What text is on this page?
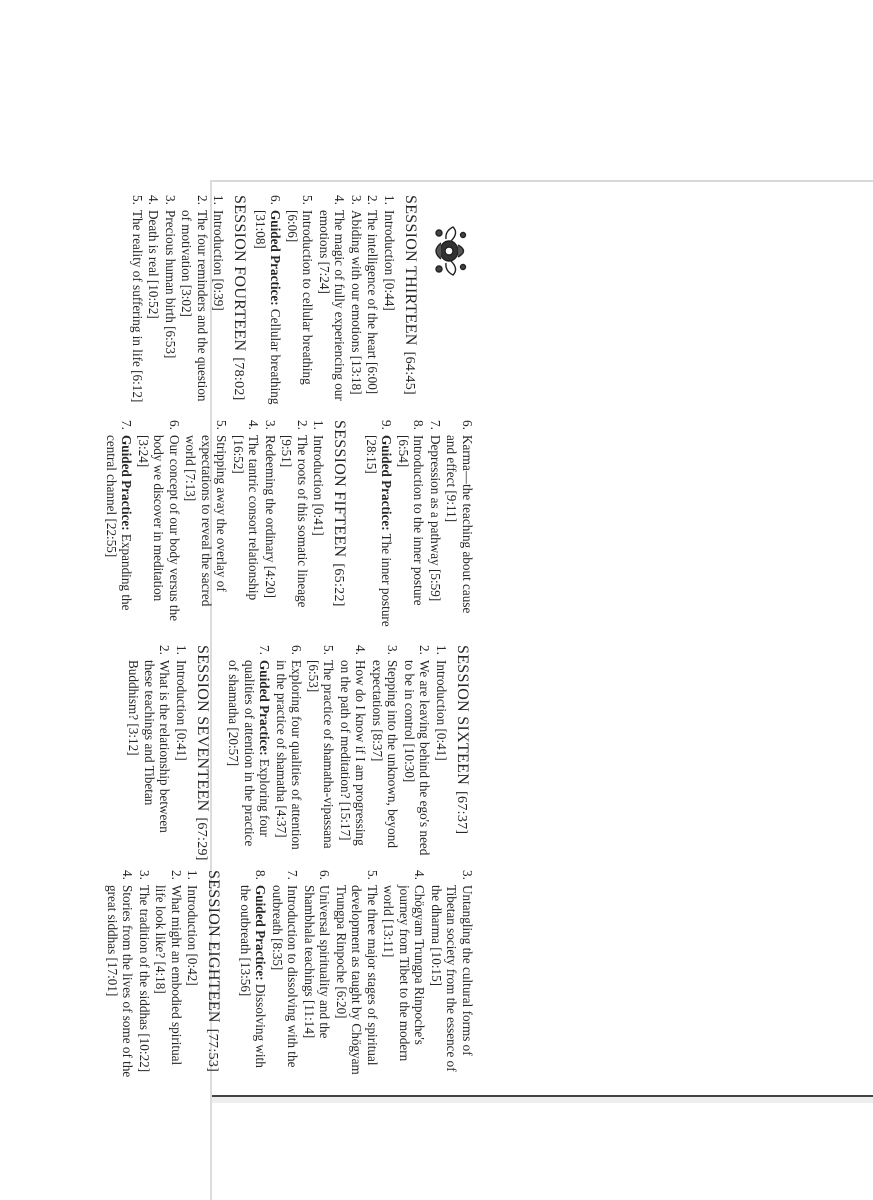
SESSION THIRTEEN[64:45]
1.
Introduction [0:44]
2.
The intelligence of the heart [6:00]
3.
Abiding with our emotions [13:18]
4.
The magic of fully experiencing our emotions [7:24]
5.
Introduction to cellular breathing [6:06]
6.
Guided Practice: Cellular breathing [31:08]
SESSION FOURTEEN[78:02]
1.
Introduction [0:39]
2.
The four reminders and the question of motivation [3:02]
3.
Precious human birth [6:53]
4.
Death is real [10:52]
5.
The reality of suffering in life [6:12]
6.
Karma—the teaching about cause and effect [9:11]
7.
Depression as a pathway [5:59]
8.
Introduction to the inner posture [6:54]
9.
Guided Practice: The inner posture [28:15]
SESSION FIFTEEN[65:22]
1.
Introduction [0:41]
2.
The roots of this somatic lineage [9:51]
3.
Redeeming the ordinary [4:20]
4.
The tantric consort relationship [16:52]
5.
Stripping away the overlay of expectations to reveal the sacred world [7:13]
6.
Our concept of our body versus the body we discover in meditation [3:24]
7.
Guided Practice: Expanding the central channel [22:55]
SESSION SIXTEEN[67:37]
1.
Introduction [0:41]
2.
We are leaving behind the ego's need to be in control [10:30]
3.
Stepping into the unknown, beyond expectations [8:37]
4.
How do I know if I am progressing on the path of meditation? [15:17]
5.
The practice of shamatha-vipassana [6:53]
6.
Exploring four qualities of attention in the practice of shamatha [4:37]
7.
Guided Practice: Exploring four qualities of attention in the practice of shamatha [20:57]
SESSION SEVENTEEN[67:29]
1.
Introduction [0:41]
2.
What is the relationship between these teachings and Tibetan Buddhism? [3:12]
3.
Untangling the cultural forms of Tibetan society from the essence of the dharma [10:15]
4.
Chögyam Trungpa Rinpoche's journey from Tibet to the modern world [13:11]
5.
The three major stages of spiritual development as taught by Chögyam Trungpa Rinpoche [6:20]
6.
Universal spirituality and the Shambhala teachings [11:14]
7.
Introduction to dissolving with the outbreath [8:35]
8.
Guided Practice: Dissolving with the outbreath [13:56]
SESSION EIGHTEEN[77:53]
1.
Introduction [0:42]
2.
What might an embodied spiritual life look like? [4:18]
3.
The tradition of the siddhas [10:22]
4.
Stories from the lives of some of the great siddhas [17:01]
